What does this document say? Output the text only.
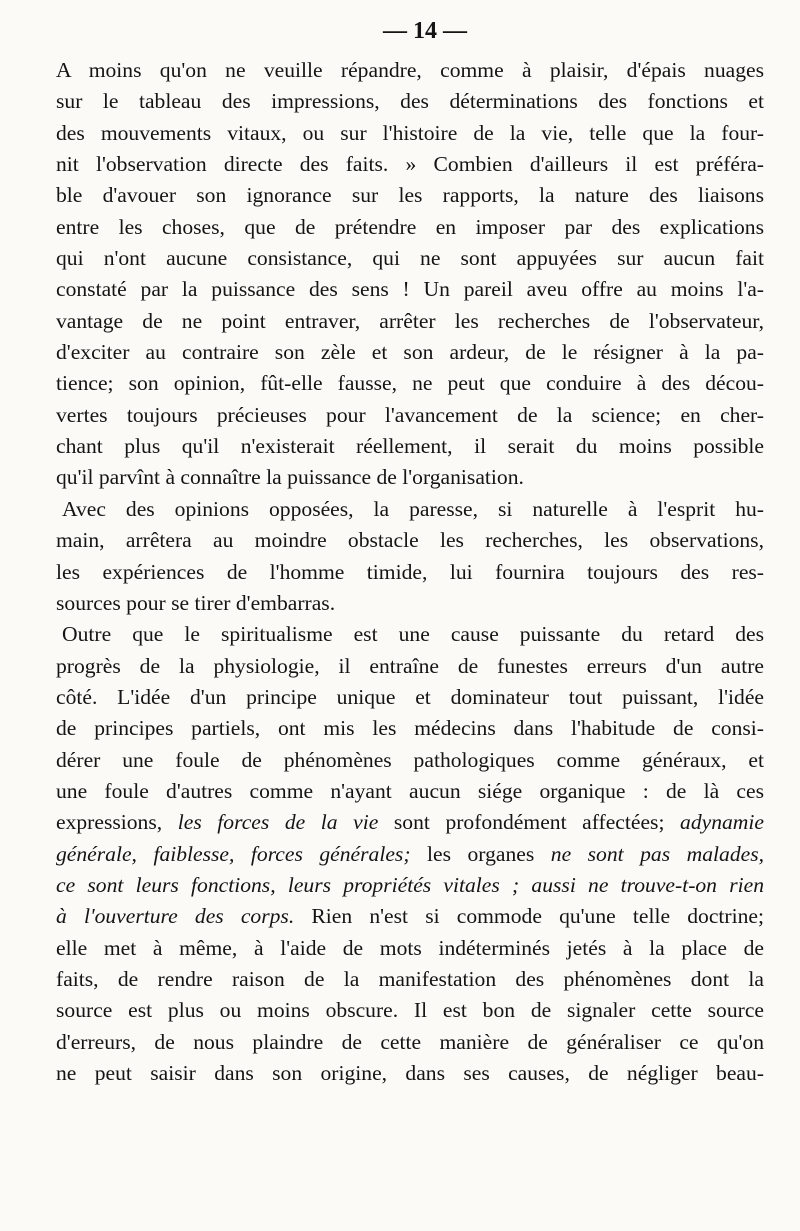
— 14 —
A moins qu'on ne veuille répandre, comme à plaisir, d'épais nuages
sur le tableau des impressions, des déterminations des fonctions et
des mouvements vitaux, ou sur l'histoire de la vie, telle que la four-
nit l'observation directe des faits. » Combien d'ailleurs il est préféra-
ble d'avouer son ignorance sur les rapports, la nature des liaisons
entre les choses, que de prétendre en imposer par des explications
qui n'ont aucune consistance, qui ne sont appuyées sur aucun fait
constaté par la puissance des sens ! Un pareil aveu offre au moins l'a-
vantage de ne point entraver, arrêter les recherches de l'observateur,
d'exciter au contraire son zèle et son ardeur, de le résigner à la pa-
tience; son opinion, fût-elle fausse, ne peut que conduire à des décou-
vertes toujours précieuses pour l'avancement de la science; en cher-
chant plus qu'il n'existerait réellement, il serait du moins possible
qu'il parvînt à connaître la puissance de l'organisation.
Avec des opinions opposées, la paresse, si naturelle à l'esprit hu-
main, arrêtera au moindre obstacle les recherches, les observations,
les expériences de l'homme timide, lui fournira toujours des res-
sources pour se tirer d'embarras.
Outre que le spiritualisme est une cause puissante du retard des
progrès de la physiologie, il entraîne de funestes erreurs d'un autre
côté. L'idée d'un principe unique et dominateur tout puissant, l'idée
de principes partiels, ont mis les médecins dans l'habitude de consi-
dérer une foule de phénomènes pathologiques comme généraux, et
une foule d'autres comme n'ayant aucun siége organique : de là ces
expressions, les forces de la vie sont profondément affectées; adynamie
générale, faiblesse, forces générales; les organes ne sont pas malades,
ce sont leurs fonctions, leurs propriétés vitales ; aussi ne trouve-t-on rien
à l'ouverture des corps. Rien n'est si commode qu'une telle doctrine;
elle met à même, à l'aide de mots indéterminés jetés à la place de
faits, de rendre raison de la manifestation des phénomènes dont la
source est plus ou moins obscure. Il est bon de signaler cette source
d'erreurs, de nous plaindre de cette manière de généraliser ce qu'on
ne peut saisir dans son origine, dans ses causes, de négliger beau-
